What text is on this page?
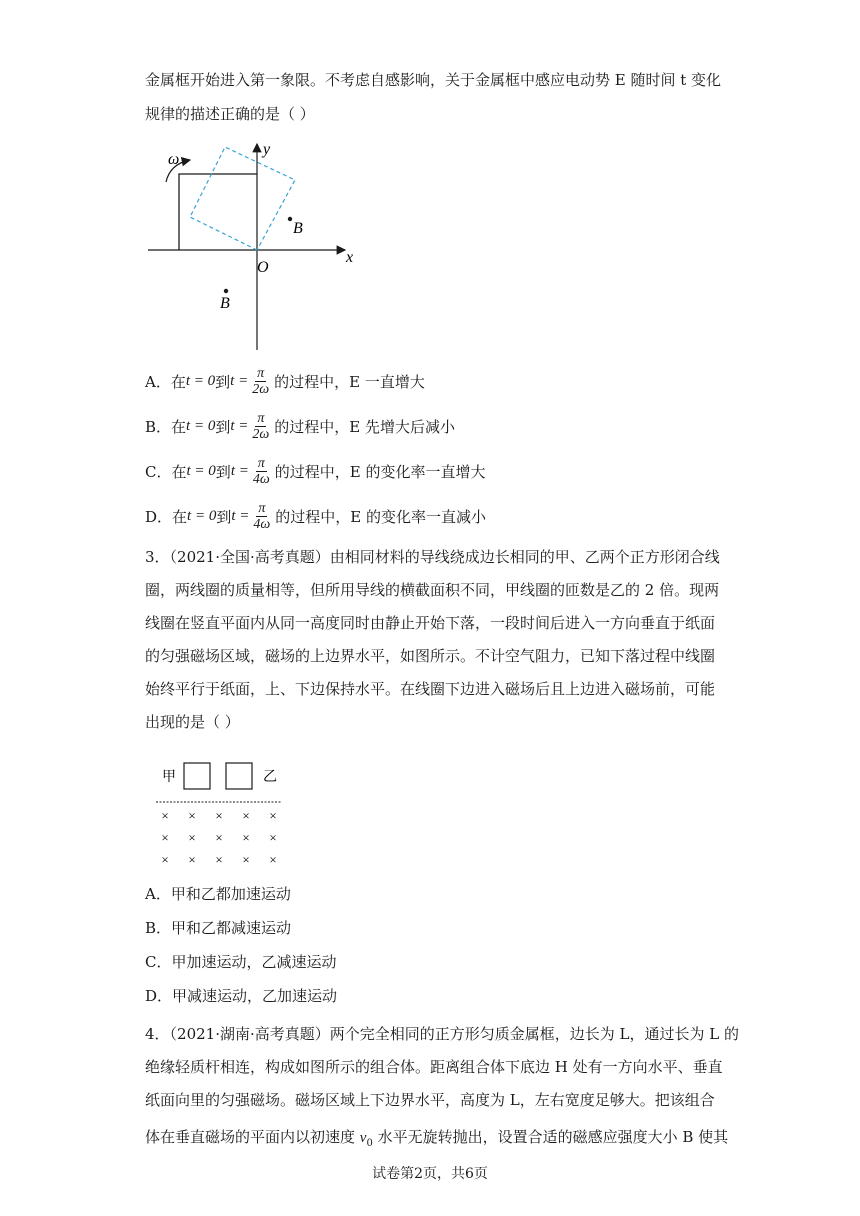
金属框开始进入第一象限。不考虑自感影响，关于金属框中感应电动势 E 随时间 t 变化
规律的描述正确的是（ ）
ω
y
x
O
B
B
A． 在 t = 0 到 $t = \frac{\pi}{2\omega}$ 的过程中，E 一直增大
B． 在 t = 0 到 $t = \frac{\pi}{2\omega}$ 的过程中，E 先增大后减小
C． 在 t = 0 到 $t = \frac{\pi}{4\omega}$ 的过程中，E 的变化率一直增大
D． 在 t = 0 到 $t = \frac{\pi}{4\omega}$ 的过程中，E 的变化率一直减小
3．（2021·全国·高考真题）由相同材料的导线绕成边长相同的甲、乙两个正方形闭合线
圈，两线圈的质量相等，但所用导线的横截面积不同，甲线圈的匝数是乙的 2 倍。现两
线圈在竖直平面内从同一高度同时由静止开始下落，一段时间后进入一方向垂直于纸面
的匀强磁场区域，磁场的上边界水平，如图所示。不计空气阻力，已知下落过程中线圈
始终平行于纸面，上、下边保持水平。在线圈下边进入磁场后且上边进入磁场前，可能
出现的是（ ）
甲	乙
× × × × ×
× × × × ×
× × × × ×
A． 甲和乙都加速运动
B． 甲和乙都减速运动
C． 甲加速运动，乙减速运动
D． 甲减速运动，乙加速运动
4．（2021·湖南·高考真题）两个完全相同的正方形匀质金属框，边长为 L，通过长为 L 的
绝缘轻质杆相连，构成如图所示的组合体。距离组合体下底边 H 处有一方向水平、垂直
纸面向里的匀强磁场。磁场区域上下边界水平，高度为 L，左右宽度足够大。把该组合
体在垂直磁场的平面内以初速度 $v_0$ 水平无旋转抛出，设置合适的磁感应强度大小 B 使其
试卷第2页，共6页
